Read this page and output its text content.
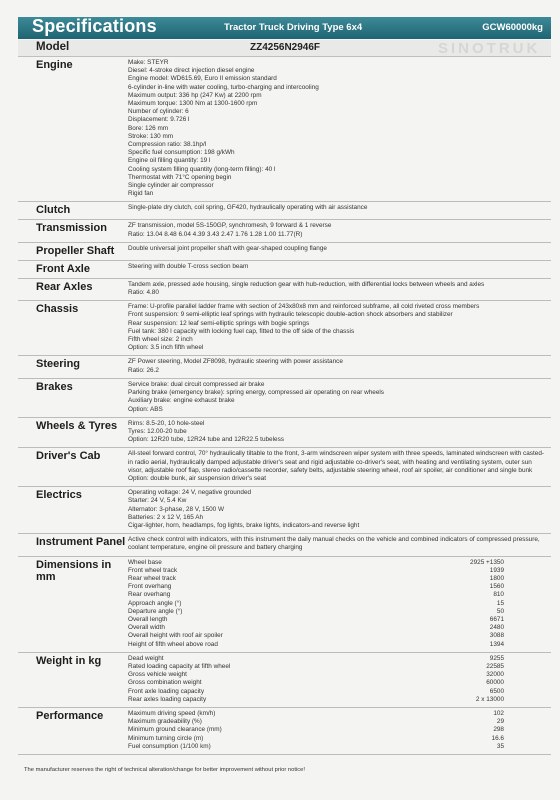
Specifications	Tractor Truck Driving Type 6x4	GCW60000kg
Model	ZZ4256N2946F	SINOTRUK
Engine	Make: STEYR
Diesel: 4-stroke direct injection diesel engine
Engine model: WD615.69, Euro II emission standard
6-cylinder in-line with water cooling, turbo-charging and intercooling
Maximum output: 336 hp (247 Kw) at 2200 rpm
Maximum torque: 1300 Nm at 1300-1600 rpm
Number of cylinder: 6
Displacement: 9.726 l
Bore: 126 mm
Stroke: 130 mm
Compression ratio: 38.1hp/l
Specific fuel consumption: 198 g/kWh
Engine oil filling quantity: 19 l
Cooling system filling quantity (long-term filling): 40 l
Thermostat with 71°C opening begin
Single cylinder air compressor
Rigid fan
Clutch	Single-plate dry clutch, coil spring, GF420, hydraulically operating with air assistance
Transmission	ZF transmission, model 5S-150GP, synchromesh, 9 forward & 1 reverse
Ratio: 13.04 8.48 6.04 4.39 3.43 2.47 1.76 1.28 1.00 11.77(R)
Propeller Shaft	Double universal joint propeller shaft with gear-shaped coupling flange
Front Axle	Steering with double T-cross section beam
Rear Axles	Tandem axle, pressed axle housing, single reduction gear with hub-reduction, with differential locks between wheels and axles
Ratio: 4.80
Chassis	Frame: U-profile parallel ladder frame with section of 243x80x8 mm and reinforced subframe, all cold riveted cross members
Front suspension: 9 semi-elliptic leaf springs with hydraulic telescopic double-action shock absorbers and stabilizer
Rear suspension: 12 leaf semi-elliptic springs with bogie springs
Fuel tank: 380 l capacity with locking fuel cap, fitted to the off side of the chassis
Fifth wheel size: 2 inch
Option: 3.5 inch fifth wheel
Steering	ZF Power steering, Model ZF8098, hydraulic steering with power assistance
Ratio: 26.2
Brakes	Service brake: dual circuit compressed air brake
Parking brake (emergency brake): spring energy, compressed air operating on rear wheels
Auxiliary brake: engine exhaust brake
Option: ABS
Wheels & Tyres	Rims: 8.5-20, 10 hole-steel
Tyres: 12.00-20 tube
Option: 12R20 tube, 12R24 tube and 12R22.5 tubeless
Driver's Cab	All-steel forward control, 70° hydraulically tiltable to the front, 3-arm windscreen wiper system with three speeds, laminated windscreen with casted-in radio aerial, hydraulically damped adjustable driver's seat and rigid adjustable co-driver's seat, with heating and ventilating system, outer sun visor, adjustable roof flap, stereo radio/cassette recorder, safety belts, adjustable steering wheel, roof air spoiler, air conditioner and single bunk
Option: double bunk, air suspension driver's seat
Electrics	Operating voltage: 24 V, negative grounded
Starter: 24 V, 5.4 Kw
Alternator: 3-phase, 28 V, 1500 W
Batteries: 2 x 12 V, 165 Ah
Cigar-lighter, horn, headlamps, fog lights, brake lights, indicators-and reverse light
Instrument Panel Active check control with indicators, with this instrument the daily manual checks on the vehicle and combined indicators of compressed pressure, coolant temperature, engine oil pressure and battery charging
Dimensions in mm
Wheel base	2925 +1350
Front wheel track	1939
Rear wheel track	1800
Front overhang	1560
Rear overhang	810
Approach angle (°)	15
Departure angle (°)	50
Overall length	6671
Overall width	2480
Overall height with roof air spoiler	3088
Height of fifth wheel above road	1394
Weight in kg	Dead weight	9255
Rated loading capacity at fifth wheel	22585
Gross vehicle weight	32000
Gross combination weight	60000
Front axle loading capacity	6500
Rear axles loading capacity	2 x 13000
Performance	Maximum driving speed (km/h)	102
Maximum gradeability (%)	29
Minimum ground clearance (mm)	298
Minimum turning circle (m)	16.6
Fuel consumption (1/100 km)	35
The manufacturer reserves the right of technical alteration/change for better improvement without prior notice!
